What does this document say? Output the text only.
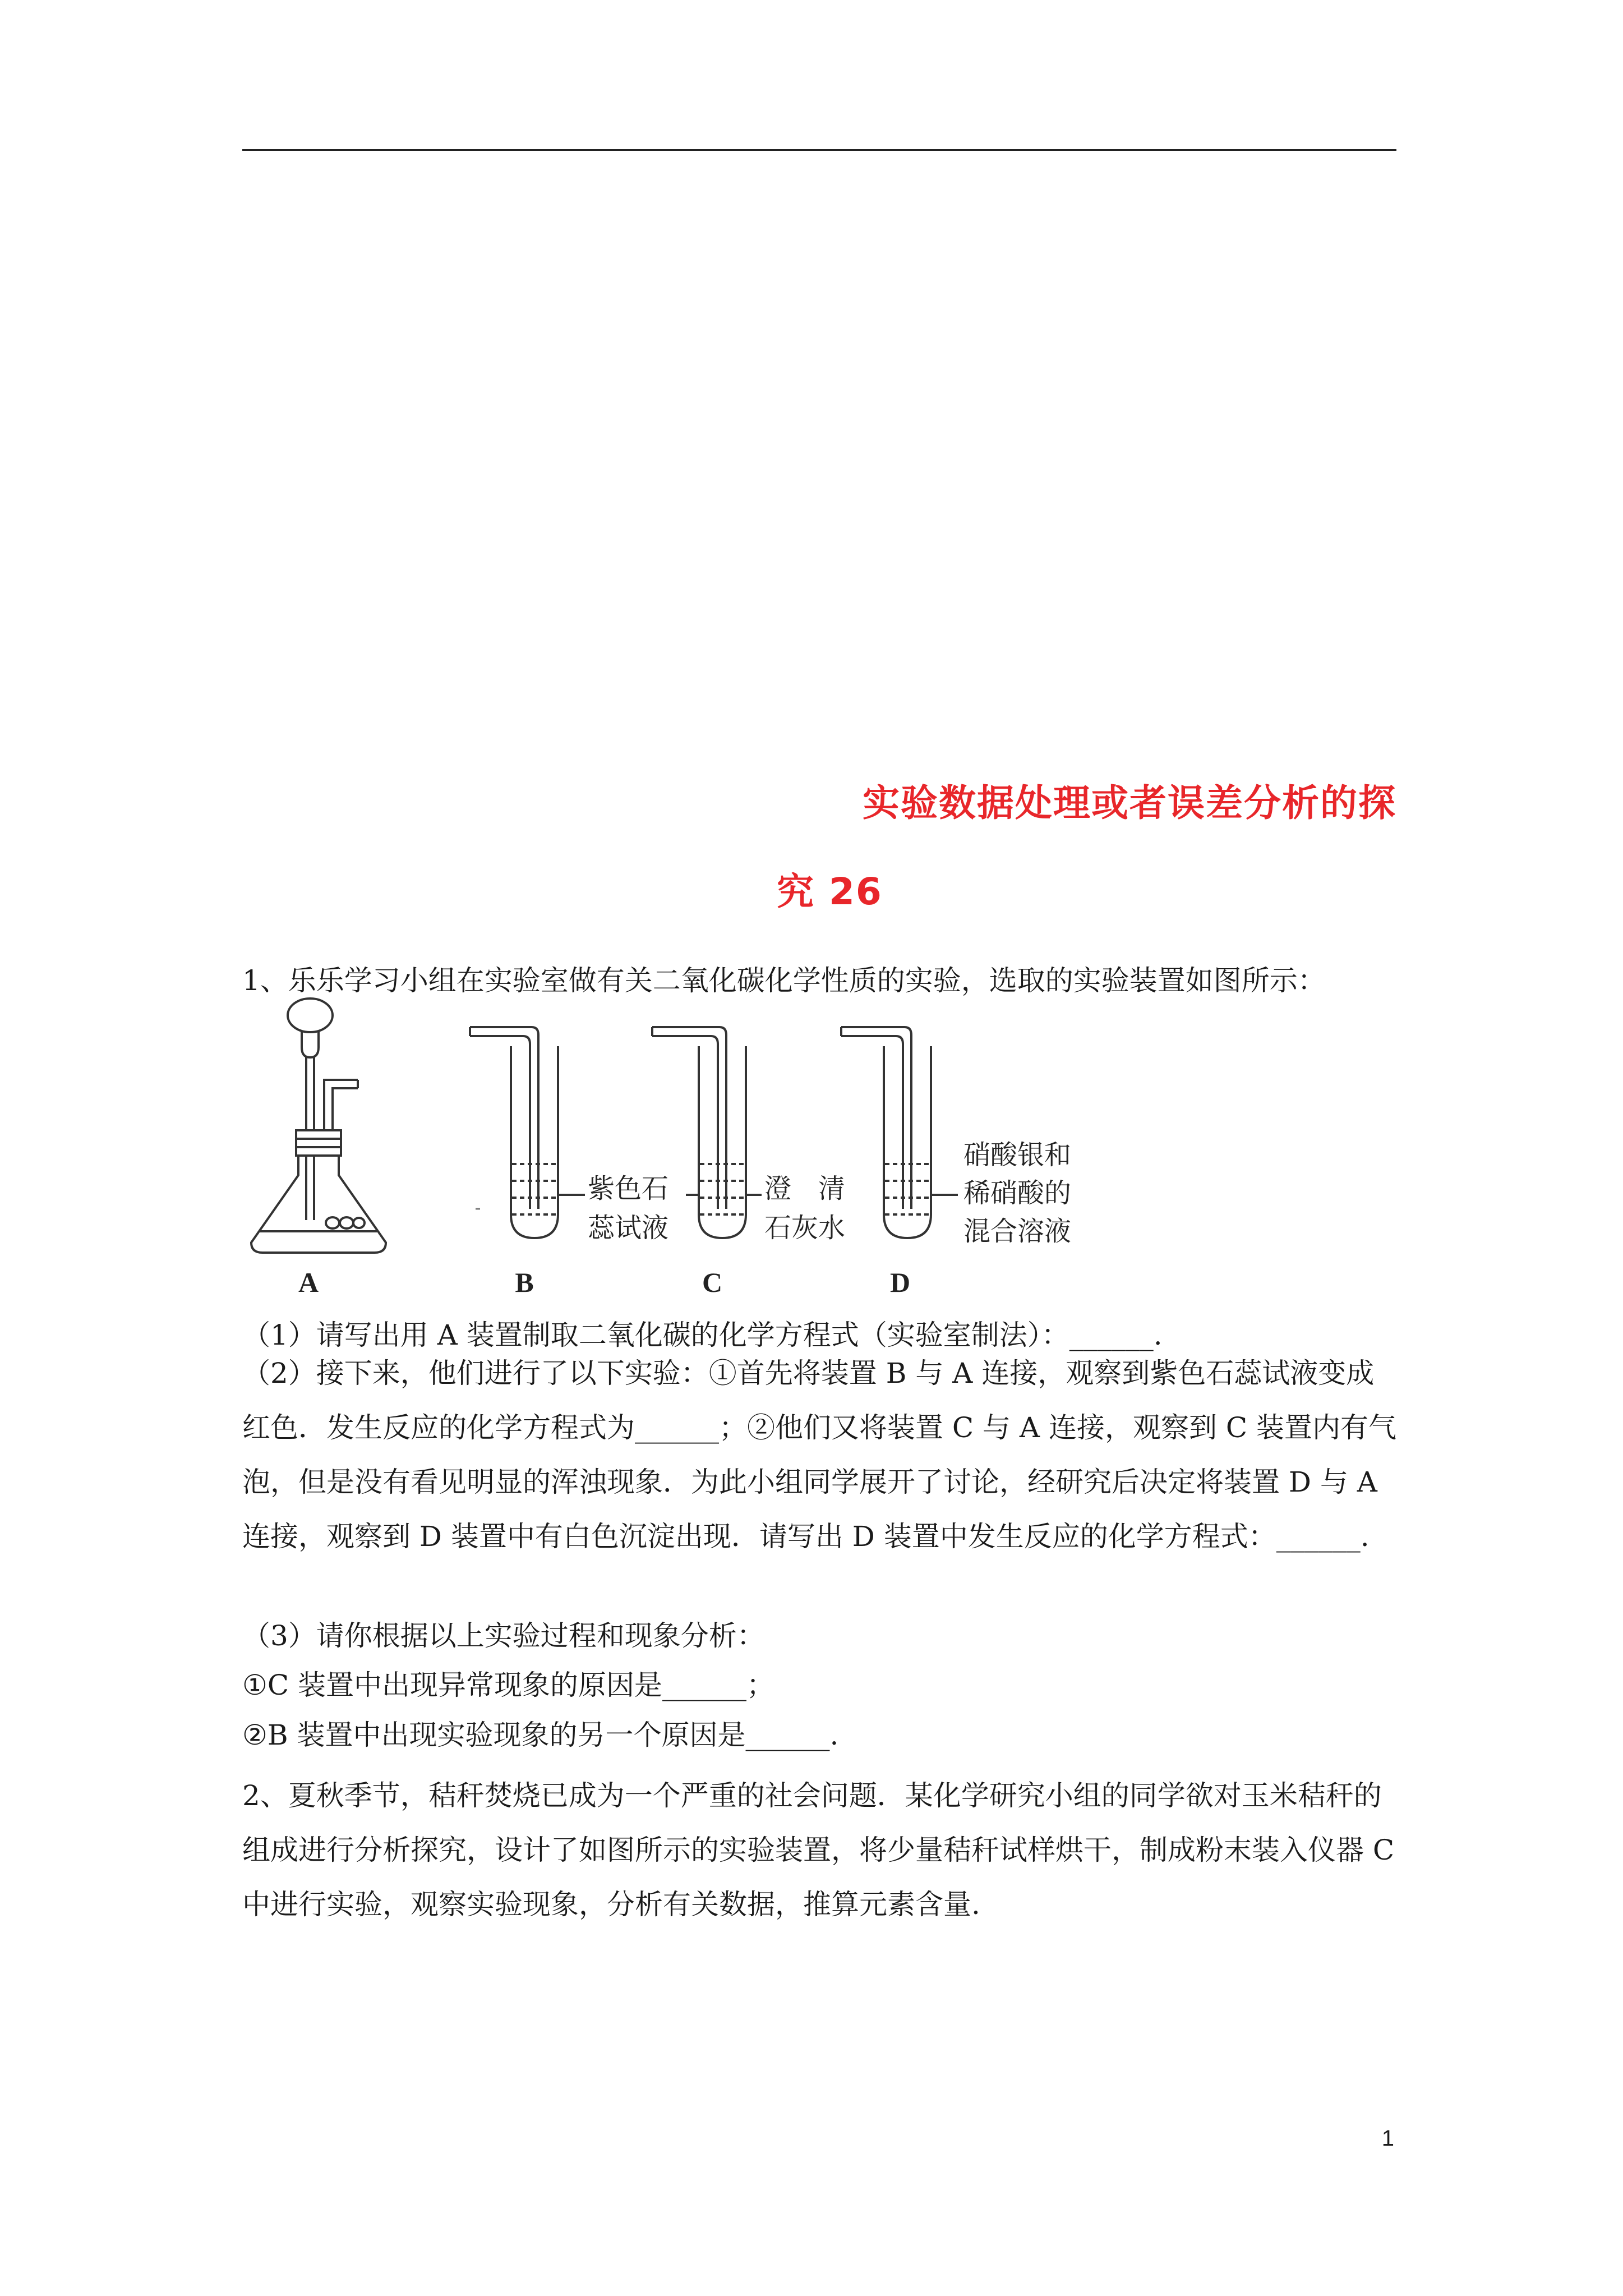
实验数据处理或者误差分析的探
究 26
1、乐乐学习小组在实验室做有关二氧化碳化学性质的实验，选取的实验装置如图所示：
A	B	C	D
紫色石
蕊试液
澄　清
石灰水
硝酸银和
稀硝酸的
混合溶液
（1）请写出用 A 装置制取二氧化碳的化学方程式（实验室制法）：______.
（2）接下来，他们进行了以下实验：①首先将装置 B 与 A 连接，观察到紫色石蕊试液变成红色．发生反应的化学方程式为______；②他们又将装置 C 与 A 连接，观察到 C 装置内有气泡，但是没有看见明显的浑浊现象．为此小组同学展开了讨论，经研究后决定将装置 D 与 A 连接，观察到 D 装置中有白色沉淀出现．请写出 D 装置中发生反应的化学方程式：______.
（3）请你根据以上实验过程和现象分析：
①C 装置中出现异常现象的原因是______；
②B 装置中出现实验现象的另一个原因是______.
2、夏秋季节，秸秆焚烧已成为一个严重的社会问题．某化学研究小组的同学欲对玉米秸秆的组成进行分析探究，设计了如图所示的实验装置，将少量秸秆试样烘干，制成粉末装入仪器 C 中进行实验，观察实验现象，分析有关数据，推算元素含量.
1
